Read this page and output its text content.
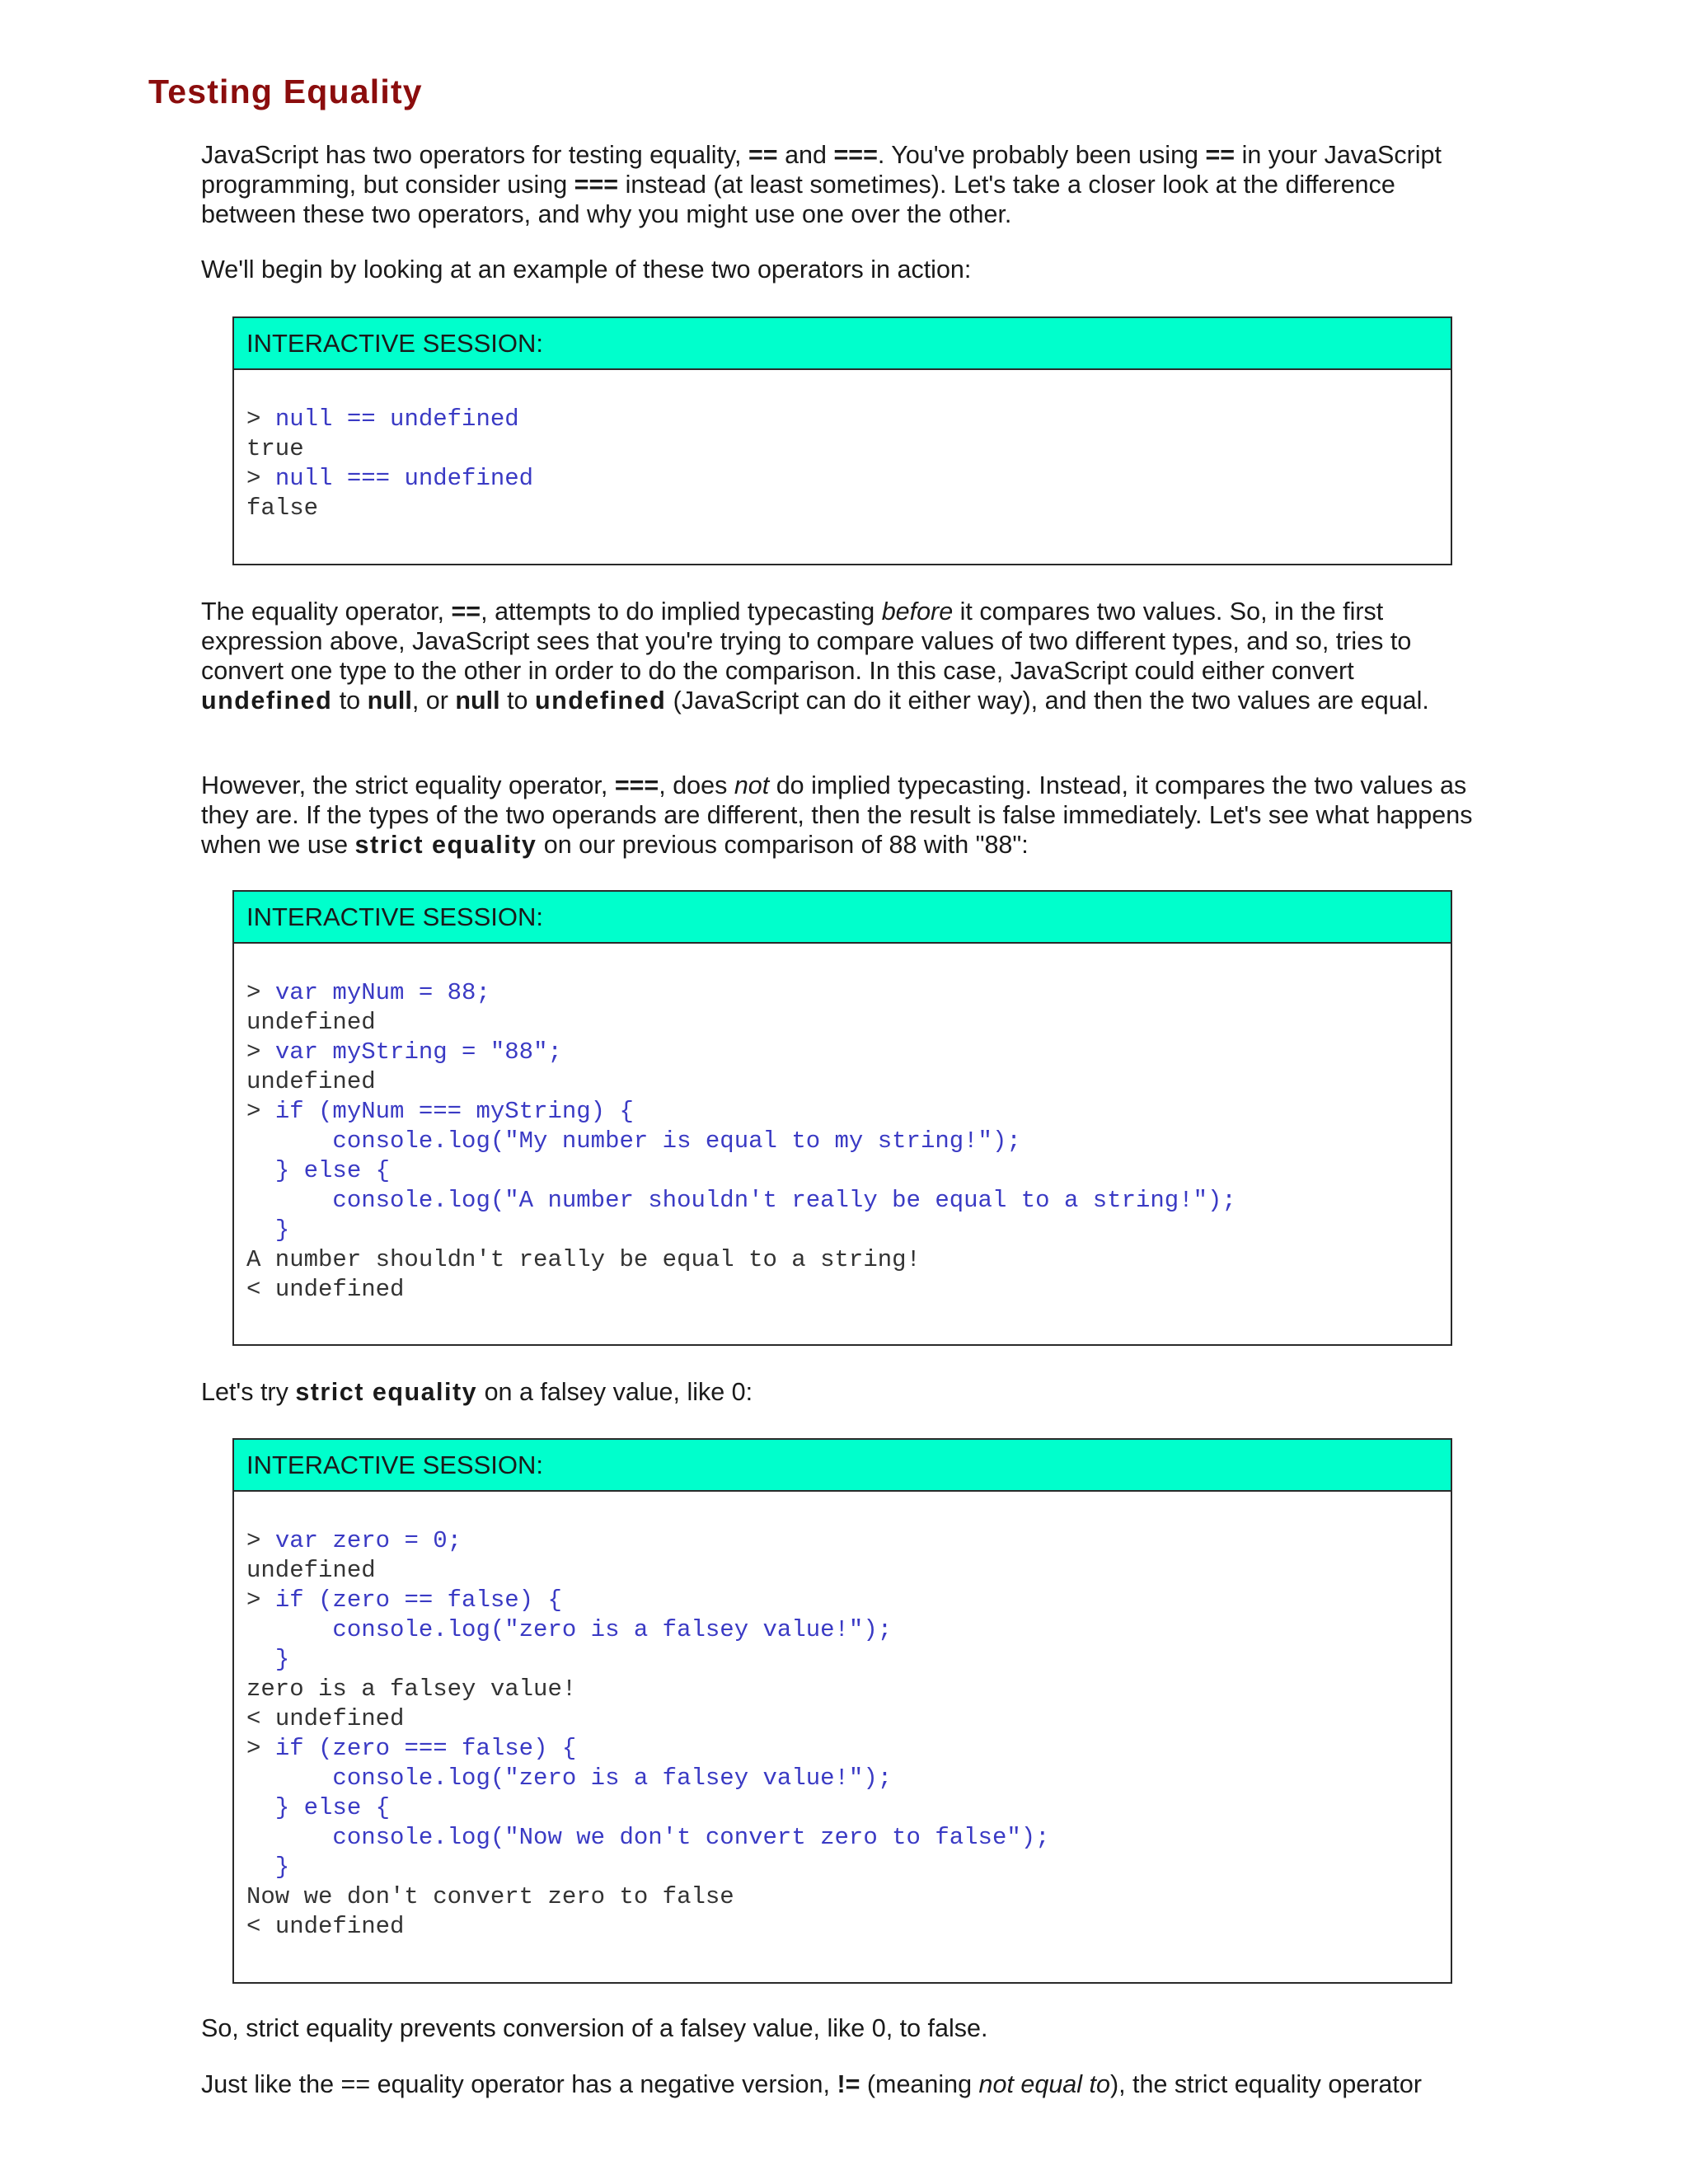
Testing Equality

JavaScript has two operators for testing equality, == and ===. You've probably been using == in your JavaScript programming, but consider using === instead (at least sometimes). Let's take a closer look at the difference between these two operators, and why you might use one over the other.

We'll begin by looking at an example of these two operators in action:

INTERACTIVE SESSION:
> null == undefined
true
> null === undefined
false

The equality operator, ==, attempts to do implied typecasting before it compares two values. So, in the first expression above, JavaScript sees that you're trying to compare values of two different types, and so, tries to convert one type to the other in order to do the comparison. In this case, JavaScript could either convert undefined to null, or null to undefined (JavaScript can do it either way), and then the two values are equal.

However, the strict equality operator, ===, does not do implied typecasting. Instead, it compares the two values as they are. If the types of the two operands are different, then the result is false immediately. Let's see what happens when we use strict equality on our previous comparison of 88 with "88":

INTERACTIVE SESSION:
> var myNum = 88;
undefined
> var myString = "88";
undefined
> if (myNum === myString) {
console.log("My number is equal to my string!");
} else {
console.log("A number shouldn't really be equal to a string!");
}
A number shouldn't really be equal to a string!
< undefined

Let's try strict equality on a falsey value, like 0:

INTERACTIVE SESSION:
> var zero = 0;
undefined
> if (zero == false) {
console.log("zero is a falsey value!");
}
zero is a falsey value!
< undefined
> if (zero === false) {
console.log("zero is a falsey value!");
} else {
console.log("Now we don't convert zero to false");
}
Now we don't convert zero to false
< undefined

So, strict equality prevents conversion of a falsey value, like 0, to false.

Just like the == equality operator has a negative version, != (meaning not equal to), the strict equality operator
